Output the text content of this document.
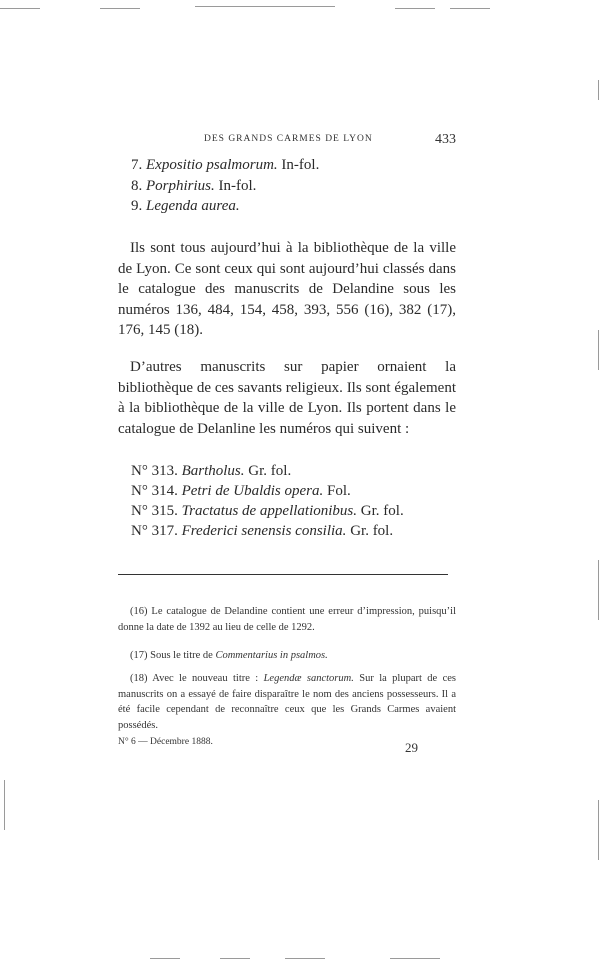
DES GRANDS CARMES DE LYON	433
7. Expositio psalmorum. In-fol.
8. Porphirius. In-fol.
9. Legenda aurea.

Ils sont tous aujourd’hui à la bibliothèque de la ville de Lyon. Ce sont ceux qui sont aujourd’hui classés dans le catalogue des manuscrits de Delandine sous les numéros 136, 484, 154, 458, 393, 556 (16), 382 (17), 176, 145 (18).

D’autres manuscrits sur papier ornaient la bibliothèque de ces savants religieux. Ils sont également à la bibliothèque de la ville de Lyon. Ils portent dans le catalogue de Delanline les numéros qui suivent :

N° 313. Bartholus. Gr. fol.
N° 314. Petri de Ubaldis opera. Fol.
N° 315. Tractatus de appellationibus. Gr. fol.
N° 317. Frederici senensis consilia. Gr. fol.

(16) Le catalogue de Delandine contient une erreur d’impression, puisqu’il donne la date de 1392 au lieu de celle de 1292.

(17) Sous le titre de Commentarius in psalmos.

(18) Avec le nouveau titre : Legendæ sanctorum. Sur la plupart de ces manuscrits on a essayé de faire disparaître le nom des anciens possesseurs. Il a été facile cependant de reconnaître ceux que les Grands Carmes avaient possédés.

N° 6 — Décembre 1888.	29
